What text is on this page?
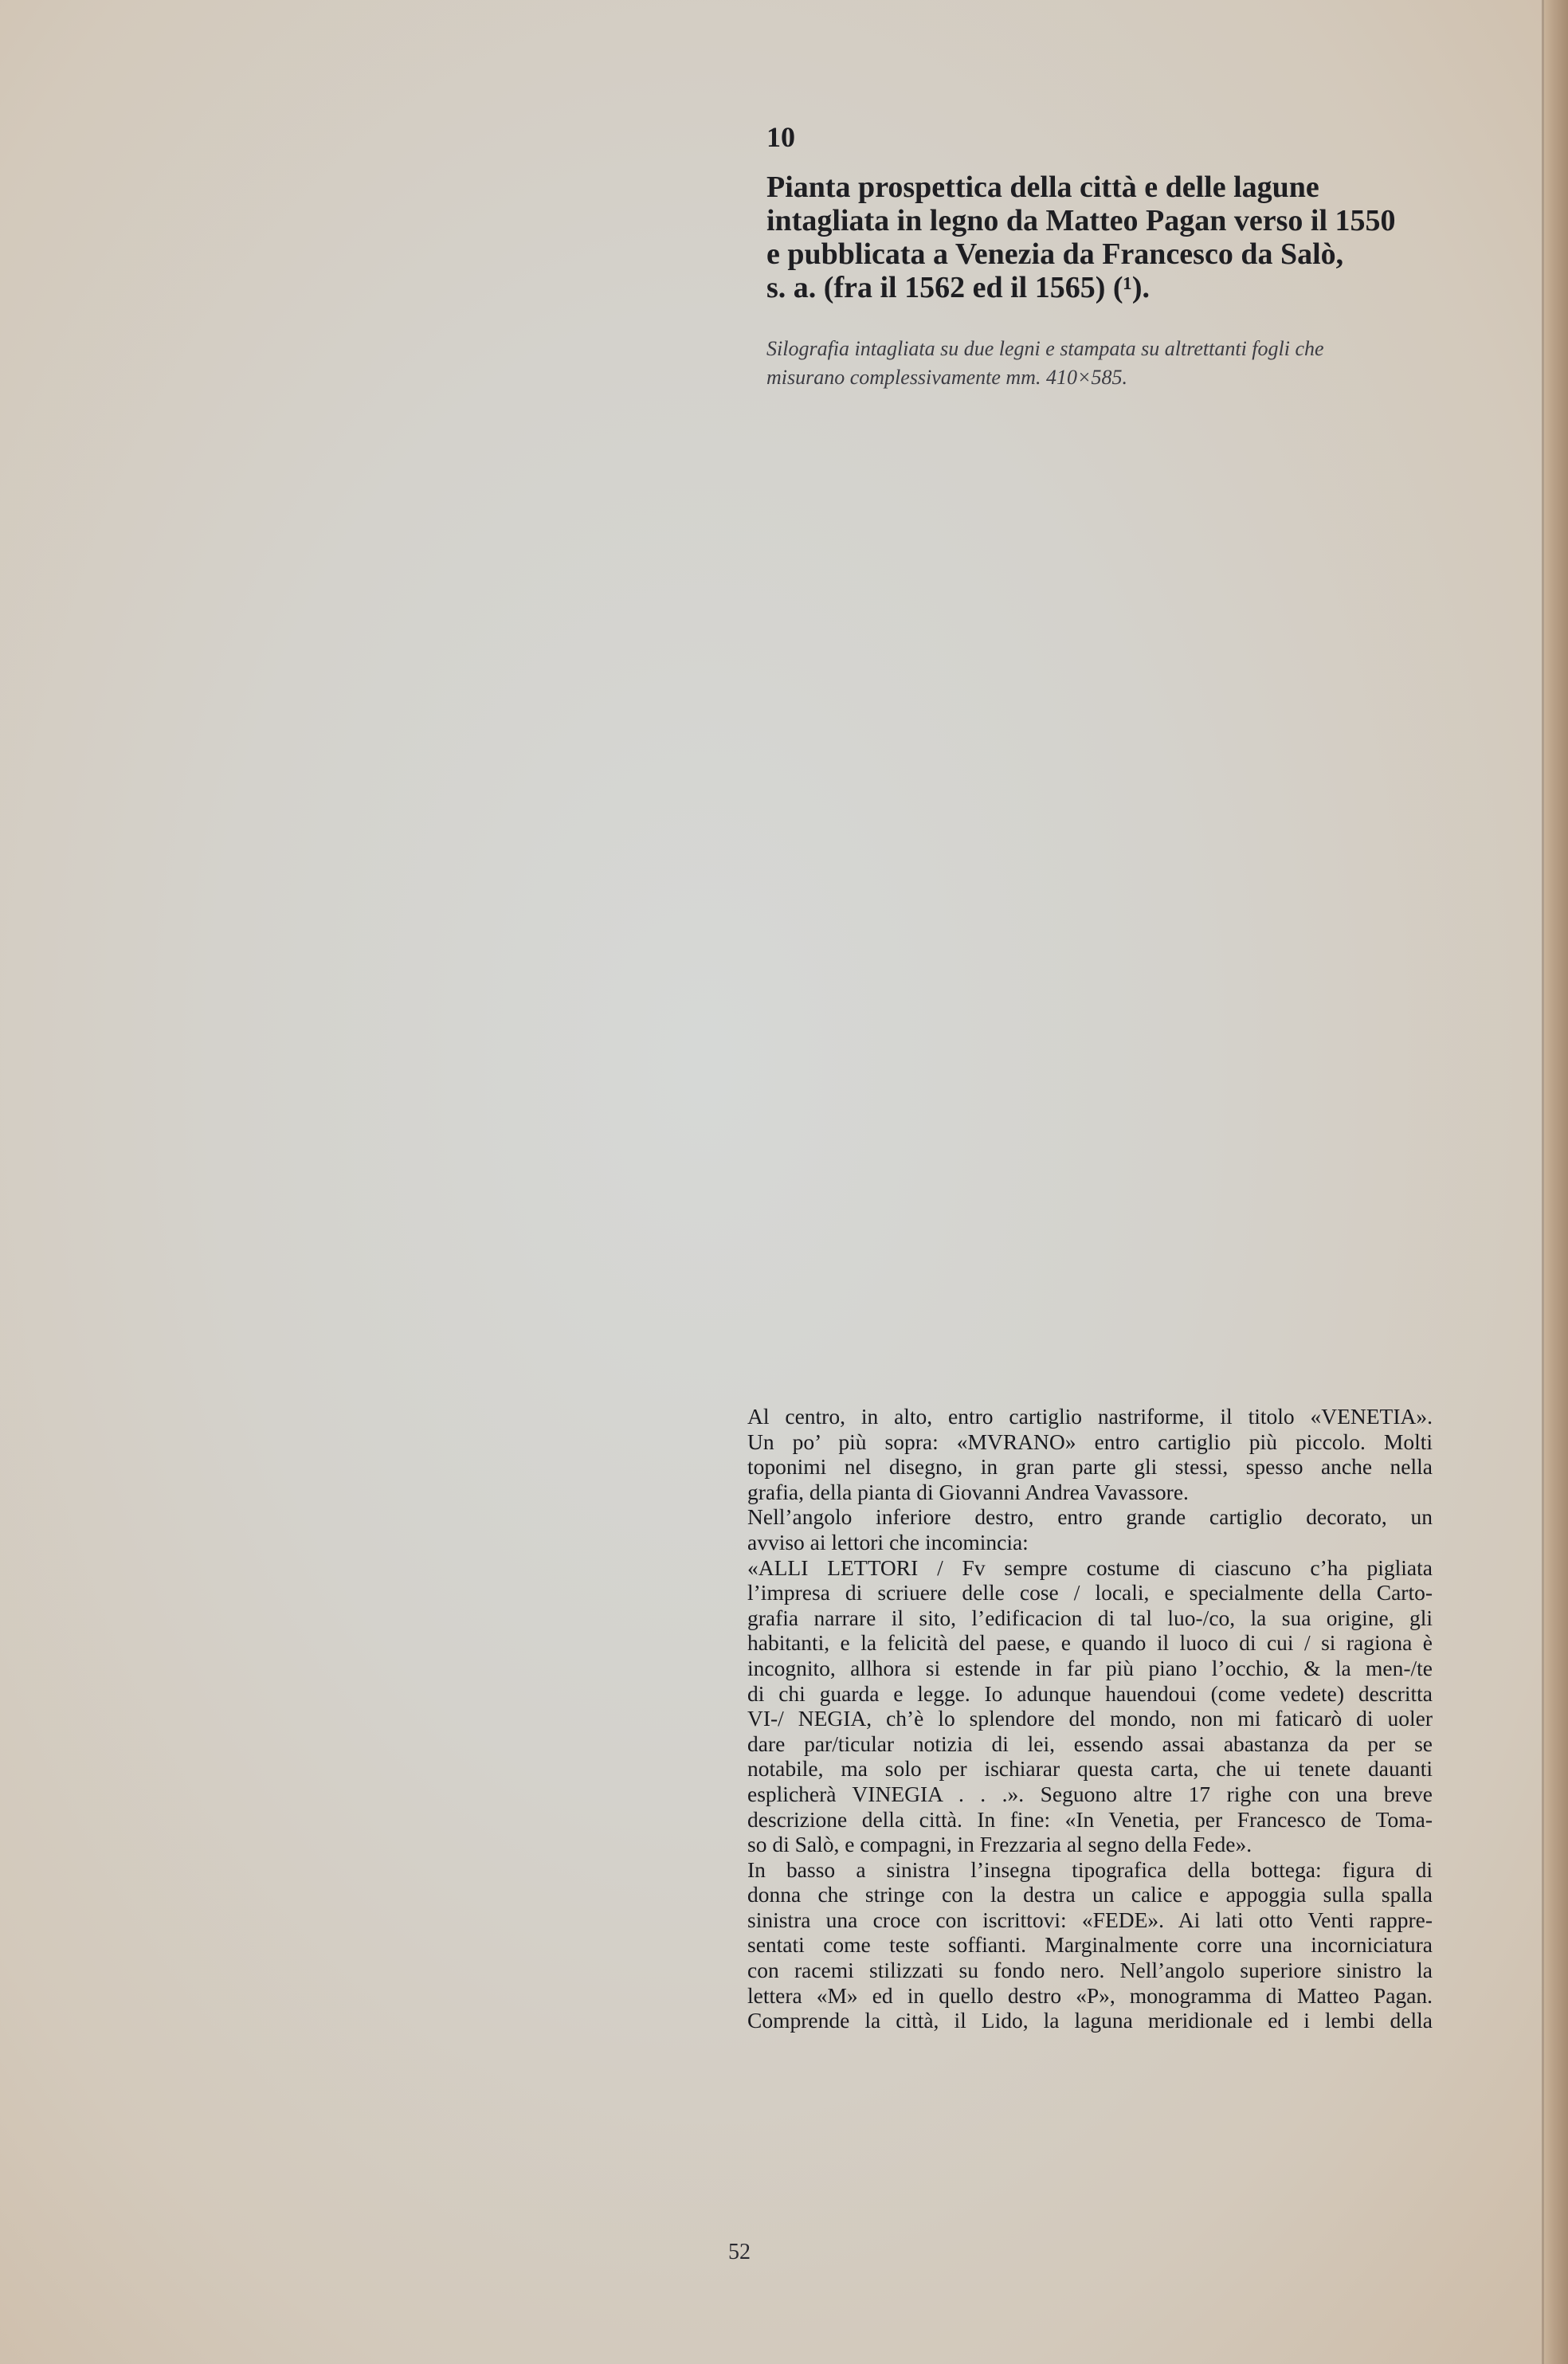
10
Pianta prospettica della città e delle lagune
intagliata in legno da Matteo Pagan verso il 1550
e pubblicata a Venezia da Francesco da Salò,
s. a. (fra il 1562 ed il 1565) (¹).
Silografia intagliata su due legni e stampata su altrettanti fogli che
misurano complessivamente mm. 410×585.
Al centro, in alto, entro cartiglio nastriforme, il titolo «VENETIA».
Un po’ più sopra: «MVRANO» entro cartiglio più piccolo. Molti
toponimi nel disegno, in gran parte gli stessi, spesso anche nella
grafia, della pianta di Giovanni Andrea Vavassore.
Nell’angolo inferiore destro, entro grande cartiglio decorato, un
avviso ai lettori che incomincia:
«ALLI LETTORI / Fv sempre costume di ciascuno c’ha pigliata
l’impresa di scriuere delle cose / locali, e specialmente della Carto-
grafia narrare il sito, l’edificacion di tal luo-/co, la sua origine, gli
habitanti, e la felicità del paese, e quando il luoco di cui / si ragiona è
incognito, allhora si estende in far più piano l’occhio, & la men-/te
di chi guarda e legge. Io adunque hauendoui (come vedete) descritta
VI-/ NEGIA, ch’è lo splendore del mondo, non mi faticarò di uoler
dare par/ticular notizia di lei, essendo assai abastanza da per se
notabile, ma solo per ischiarar questa carta, che ui tenete dauanti
esplicherà VINEGIA . . .». Seguono altre 17 righe con una breve
descrizione della città. In fine: «In Venetia, per Francesco de Toma-
so di Salò, e compagni, in Frezzaria al segno della Fede».
In basso a sinistra l’insegna tipografica della bottega: figura di
donna che stringe con la destra un calice e appoggia sulla spalla
sinistra una croce con iscrittovi: «FEDE». Ai lati otto Venti rappre-
sentati come teste soffianti. Marginalmente corre una incorniciatura
con racemi stilizzati su fondo nero. Nell’angolo superiore sinistro la
lettera «M» ed in quello destro «P», monogramma di Matteo Pagan.
Comprende la città, il Lido, la laguna meridionale ed i lembi della
52
